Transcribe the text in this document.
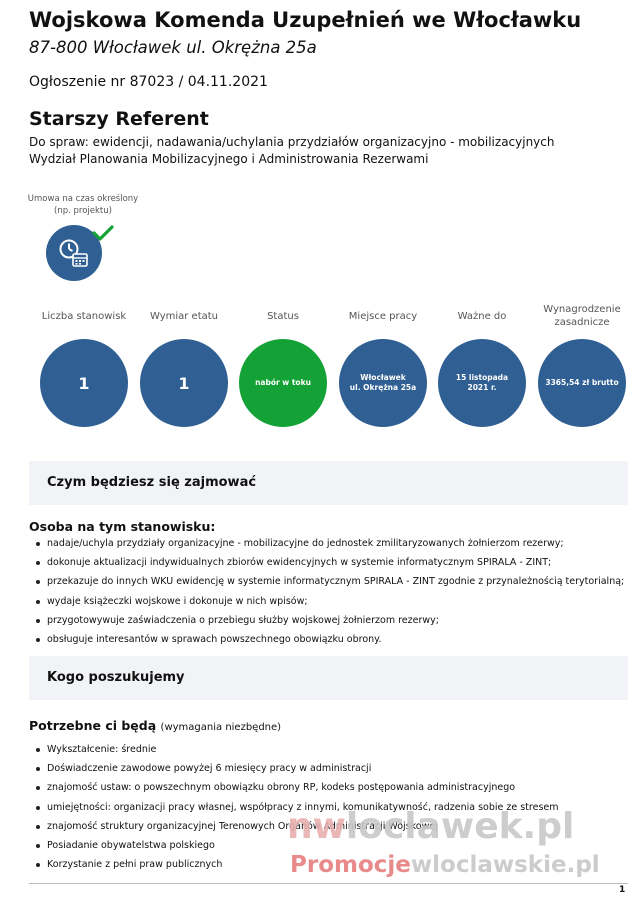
Wojskowa Komenda Uzupełnień we Włocławku

87-800 Włocławek ul. Okrężna 25a

Ogłoszenie nr 87023 / 04.11.2021

Starszy Referent

Do spraw: ewidencji, nadawania/uchylania przydziałów organizacyjno - mobilizacyjnych Wydział Planowania Mobilizacyjnego i Administrowania Rezerwami

Umowa na czas określony
(np. projektu)
Liczba stanowisk
1
Wymiar etatu
1
Status
nabór w toku
Miejsce pracy
Włocławek
ul. Okrężna 25a
Ważne do
15 listopada
2021 r.
Wynagrodzenie zasadnicze
3365,54 zł brutto
Czym będziesz się zajmować

Osoba na tym stanowisku:

nadaje/uchyla przydziały organizacyjne - mobilizacyjne do jednostek zmilitaryzowanych żołnierzom rezerwy;
dokonuje aktualizacji indywidualnych zbiorów ewidencyjnych w systemie informatycznym SPIRALA - ZINT;
przekazuje do innych WKU ewidencję w systemie informatycznym SPIRALA - ZINT zgodnie z przynależnością terytorialną;
wydaje książeczki wojskowe i dokonuje w nich wpisów;
przygotowywuje zaświadczenia o przebiegu służby wojskowej żołnierzom rezerwy;
obsługuje interesantów w sprawach powszechnego obowiązku obrony.
Kogo poszukujemy

Potrzebne ci będą (wymagania niezbędne)

Wykształcenie: średnie
Doświadczenie zawodowe powyżej 6 miesięcy pracy w administracji
znajomość ustaw: o powszechnym obowiązku obrony RP, kodeks postępowania administracyjnego
umiejętności: organizacji pracy własnej, współpracy z innymi, komunikatywność, radzenia sobie ze stresem
znajomość struktury organizacyjnej Terenowych Organów Administracji Wojskowej
Posiadanie obywatelstwa polskiego
Korzystanie z pełni praw publicznych
nwloclawek.pl
Promocjewloclawskie.pl
1
